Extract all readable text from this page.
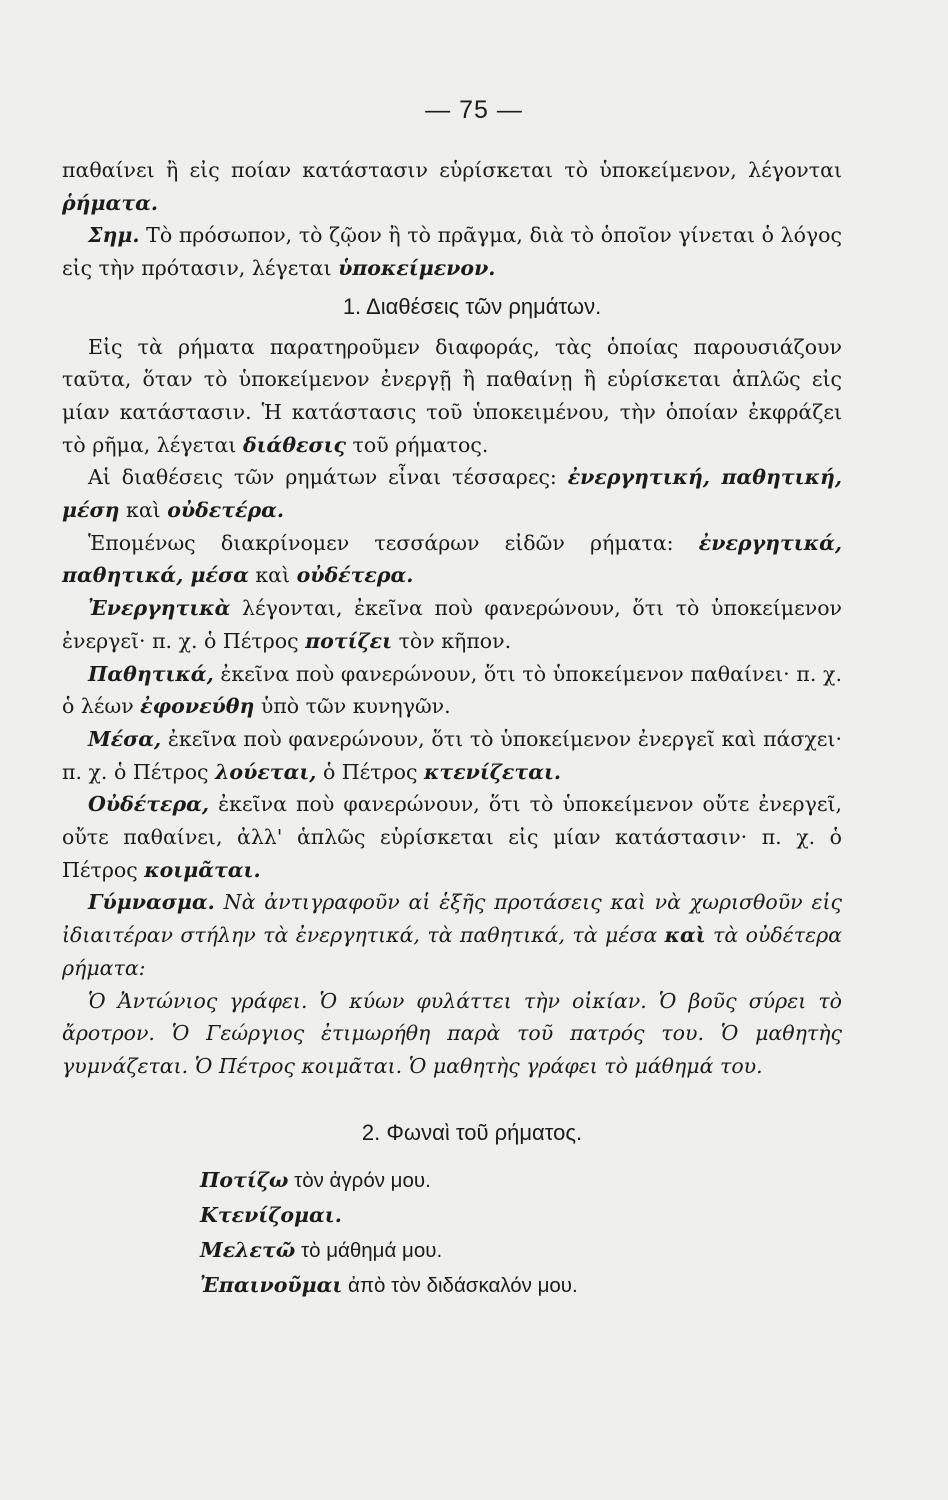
— 75 —

παθαίνει ἢ εἰς ποίαν κατάστασιν εὑρίσκεται τὸ ὑποκείμενον, λέγονται ῥήματα.

Σημ. Τὸ πρόσωπον, τὸ ζῷον ἢ τὸ πρᾶγμα, διὰ τὸ ὁποῖον γίνεται ὁ λόγος εἰς τὴν πρότασιν, λέγεται ὑποκείμενον.

1. Διαθέσεις τῶν ρημάτων.

Εἰς τὰ ρήματα παρατηροῦμεν διαφοράς, τὰς ὁποίας παρουσιάζουν ταῦτα, ὅταν τὸ ὑποκείμενον ἐνεργῇ ἢ παθαίνῃ ἢ εὑρίσκεται ἁπλῶς εἰς μίαν κατάστασιν. Ἡ κατάστασις τοῦ ὑποκειμένου, τὴν ὁποίαν ἐκφράζει τὸ ρῆμα, λέγεται διάθεσις τοῦ ρήματος.

Αἱ διαθέσεις τῶν ρημάτων εἶναι τέσσαρες: ἐνεργητική, παθητική, μέση καὶ οὐδετέρα.

Ἑπομένως διακρίνομεν τεσσάρων εἰδῶν ρήματα: ἐνεργητικά, παθητικά, μέσα καὶ οὐδέτερα.

Ἐνεργητικὰ λέγονται, ἐκεῖνα ποὺ φανερώνουν, ὅτι τὸ ὑποκείμενον ἐνεργεῖ· π. χ. ὁ Πέτρος ποτίζει τὸν κῆπον.

Παθητικά, ἐκεῖνα ποὺ φανερώνουν, ὅτι τὸ ὑποκείμενον παθαίνει· π. χ. ὁ λέων ἐφονεύθη ὑπὸ τῶν κυνηγῶν.

Μέσα, ἐκεῖνα ποὺ φανερώνουν, ὅτι τὸ ὑποκείμενον ἐνεργεῖ καὶ πάσχει· π. χ. ὁ Πέτρος λούεται, ὁ Πέτρος κτενίζεται.

Οὐδέτερα, ἐκεῖνα ποὺ φανερώνουν, ὅτι τὸ ὑποκείμενον οὔτε ἐνεργεῖ, οὔτε παθαίνει, ἀλλ' ἁπλῶς εὑρίσκεται εἰς μίαν κατάστασιν· π. χ. ὁ Πέτρος κοιμᾶται.

Γύμνασμα. Νὰ ἀντιγραφοῦν αἱ ἑξῆς προτάσεις καὶ νὰ χωρισθοῦν εἰς ἰδιαιτέραν στήλην τὰ ἐνεργητικά, τὰ παθητικά, τὰ μέσα καὶ τὰ οὐδέτερα ρήματα:

Ὁ Ἀντώνιος γράφει. Ὁ κύων φυλάττει τὴν οἰκίαν. Ὁ βοῦς σύρει τὸ ἄροτρον. Ὁ Γεώργιος ἐτιμωρήθη παρὰ τοῦ πατρός του. Ὁ μαθητὴς γυμνάζεται. Ὁ Πέτρος κοιμᾶται. Ὁ μαθητὴς γράφει τὸ μάθημά του.

2. Φωναὶ τοῦ ρήματος.

Ποτίζω τὸν ἀγρόν μου.
Κτενίζομαι.
Μελετῶ τὸ μάθημά μου.
Ἐπαινοῦμαι ἀπὸ τὸν διδάσκαλόν μου.
